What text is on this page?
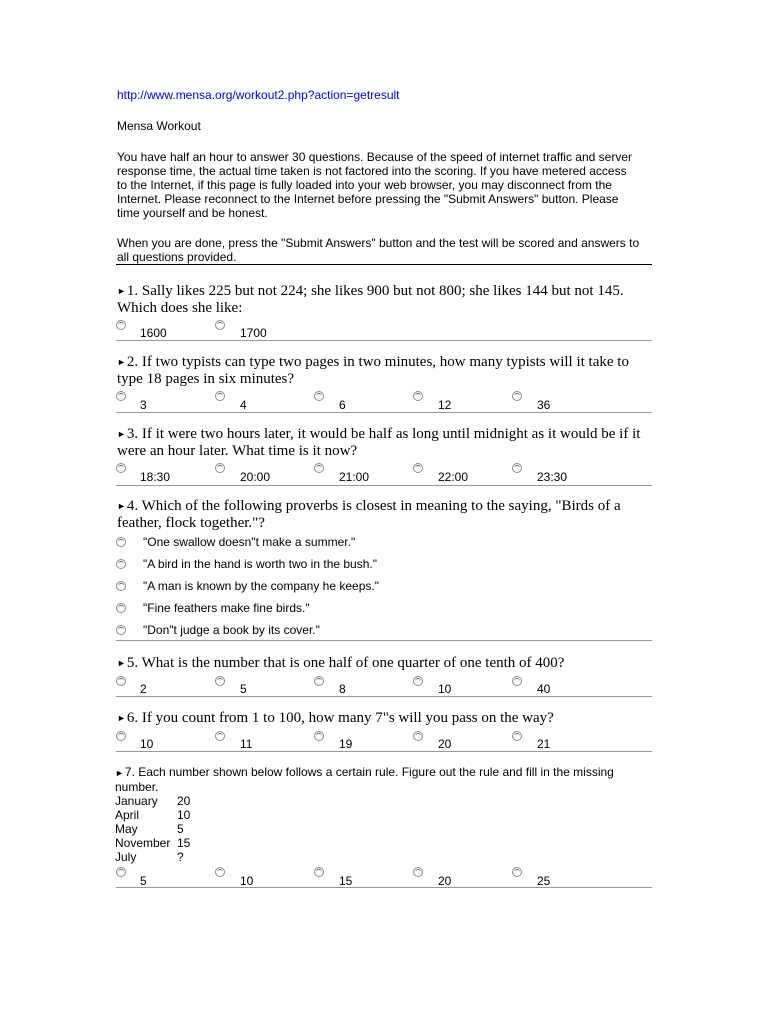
http://www.mensa.org/workout2.php?action=getresult
Mensa Workout
You have half an hour to answer 30 questions. Because of the speed of internet traffic and server response time, the actual time taken is not factored into the scoring. If you have metered access to the Internet, if this page is fully loaded into your web browser, you may disconnect from the Internet. Please reconnect to the Internet before pressing the "Submit Answers" button. Please time yourself and be honest.
When you are done, press the "Submit Answers" button and the test will be scored and answers to all questions provided.
►1. Sally likes 225 but not 224; she likes 900 but not 800; she likes 144 but not 145. Which does she like:
1600	1700
►2. If two typists can type two pages in two minutes, how many typists will it take to type 18 pages in six minutes?
3	4	6	12	36
►3. If it were two hours later, it would be half as long until midnight as it would be if it were an hour later. What time is it now?
18:30	20:00	21:00	22:00	23:30
►4. Which of the following proverbs is closest in meaning to the saying, "Birds of a feather, flock together."?
"One swallow doesn"t make a summer."
"A bird in the hand is worth two in the bush."
"A man is known by the company he keeps."
"Fine feathers make fine birds."
"Don"t judge a book by its cover."
►5. What is the number that is one half of one quarter of one tenth of 400?
2	5	8	10	40
►6. If you count from 1 to 100, how many 7"s will you pass on the way?
10	11	19	20	21
►7. Each number shown below follows a certain rule. Figure out the rule and fill in the missing number.
January 20
April	10
May	5
November 15
July	?
5	10	15	20	25
